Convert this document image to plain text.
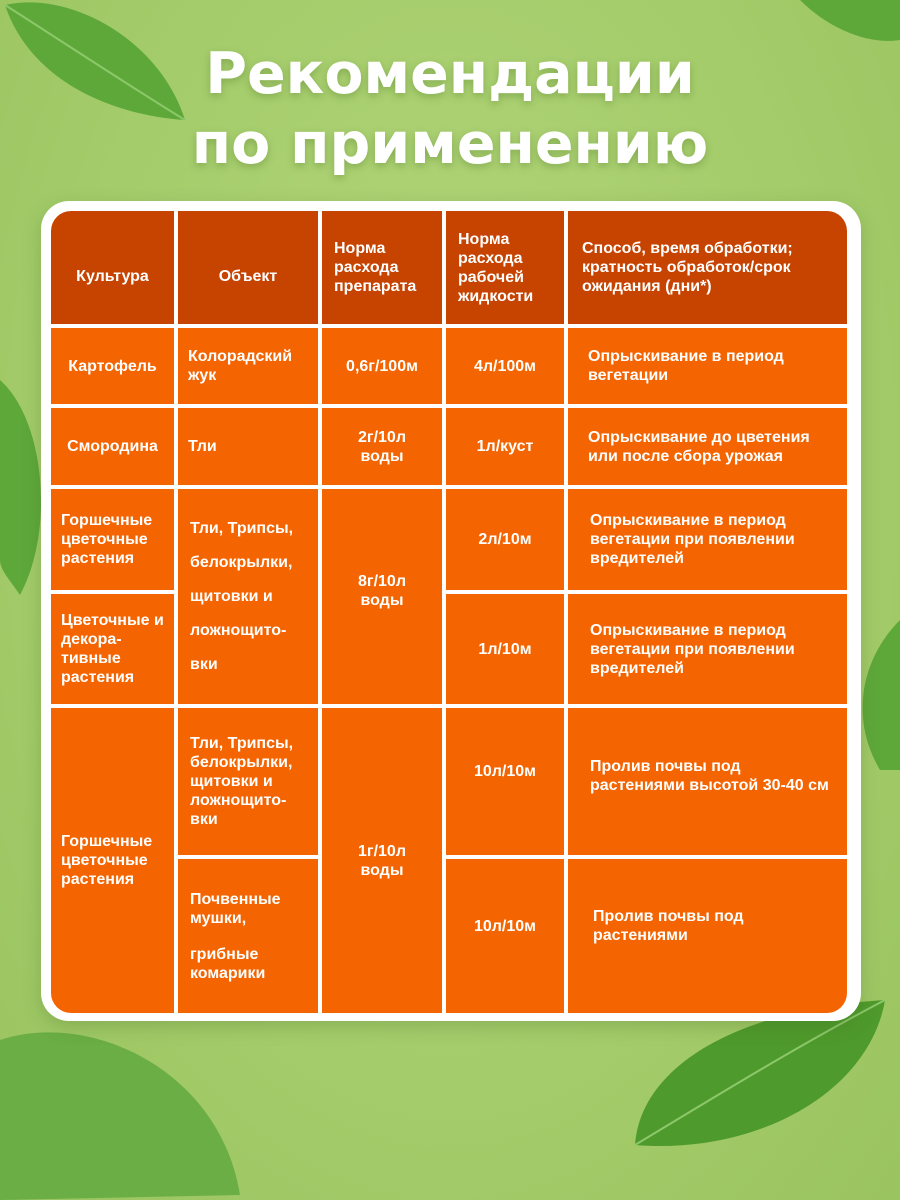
Рекомендации
по применению
Культура	Объект
Норма расхода препарата
Норма расхода рабочей жидкости
Способ, время обработки; кратность обработок/срок ожидания (дни*)
Картофель
Колорадский жук
0,6г/100м	4л/100м
Опрыскивание в период вегетации
Смородина Тли
2г/10л воды
1л/куст
Опрыскивание до цветения или после сбора урожая
Горшечные цветочные растения
Цветочные и декора-тивные растения
Тли, Трипсы, белокрылки, щитовки и ложнощито-вки
8г/10л воды
2л/10м
1л/10м
Опрыскивание в период вегетации при появлении вредителей
Опрыскивание в период вегетации при появлении вредителей
Горшечные цветочные растения
Тли, Трипсы, белокрылки, щитовки и ложнощито-вки
Почвенные мушки,
грибные комарики
1г/10л воды
10л/10м
10л/10м
Пролив почвы под растениями высотой 30-40 см
Пролив почвы под растениями
